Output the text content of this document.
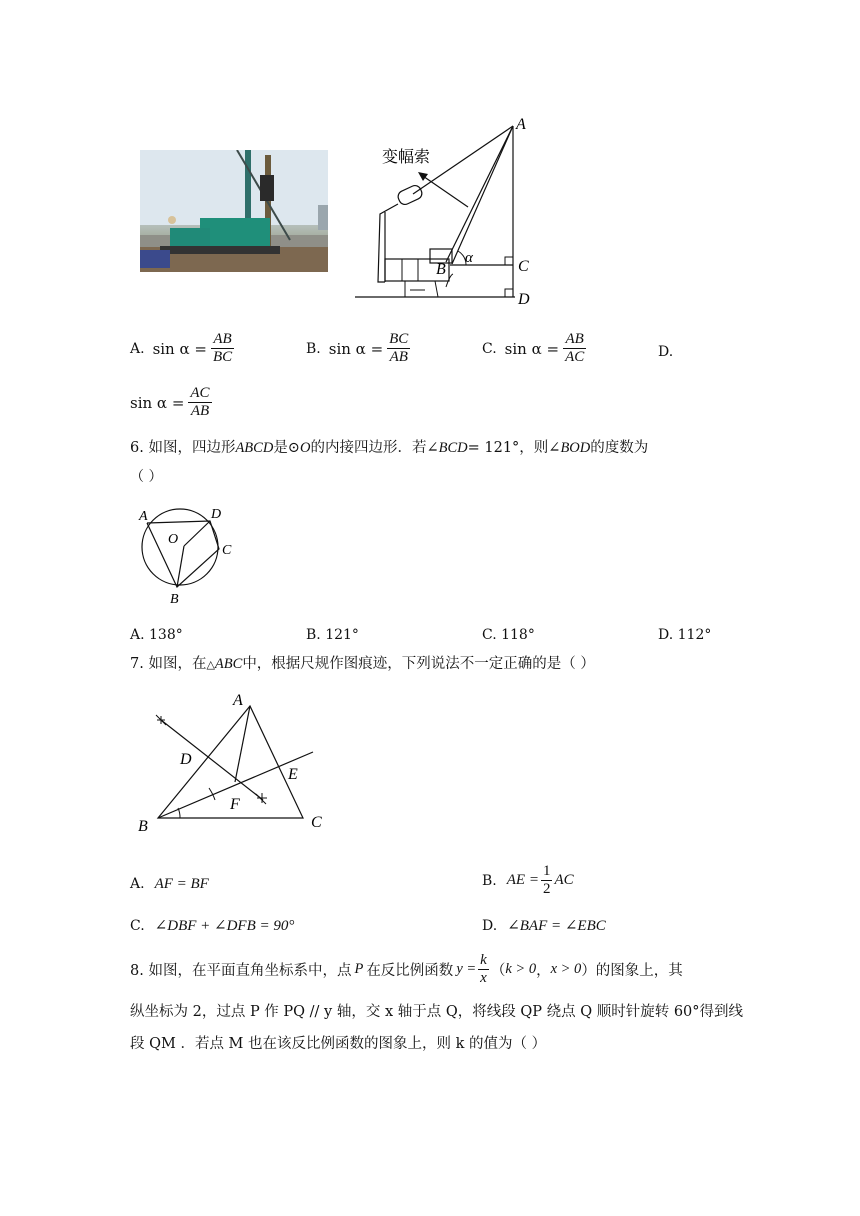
A
B	C
D
α
变幅索
A. $\sin \alpha = \frac{AB}{BC}$	B. $\sin \alpha = \frac{BC}{AB}$	C. $\sin \alpha = \frac{AB}{AC}$	D.
$\sin \alpha = \frac{AC}{AB}$
6. 如图，四边形ABCD是⊙O的内接四边形．若∠BCD= 121°，则∠BOD的度数为
（ ）
A	D
O
C
B
A. 138°	B. 121°	C. 118°	D. 112°
7. 如图，在△ABC中，根据尺规作图痕迹，下列说法不一定正确的是（ ）
A
B	C
D
E
F
A. AF = BF	B. AE = $\frac{1}{2}$ AC
C. ∠DBF + ∠DFB = 90°	D. ∠BAF = ∠EBC
8. 如图，在平面直角坐标系中，点 P 在反比例函数 $y = \frac{k}{x}$ （ k > 0 ， x > 0 ）的图象上，其
纵坐标为 2，过点 P 作 PQ // y 轴，交 x 轴于点 Q，将线段 QP 绕点 Q 顺时针旋转 60°得到线
段 QM ．若点 M 也在该反比例函数的图象上，则 k 的值为（ ）
